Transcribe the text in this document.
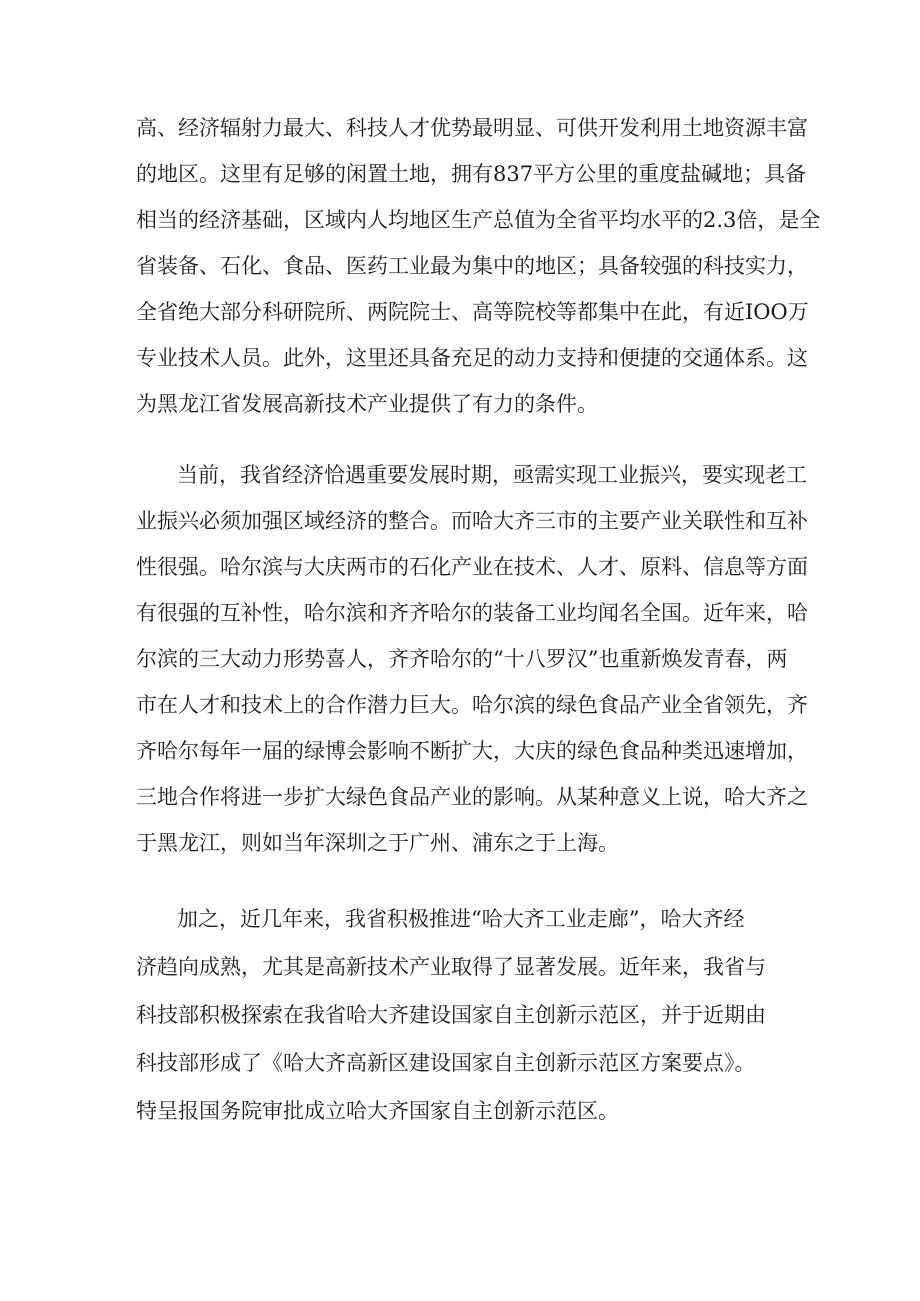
高、经济辐射力最大、科技人才优势最明显、可供开发利用土地资源丰富

的地区。这里有足够的闲置土地，拥有837平方公里的重度盐碱地；具备

相当的经济基础，区域内人均地区生产总值为全省平均水平的2.3倍，是全

省装备、石化、食品、医药工业最为集中的地区；具备较强的科技实力，

全省绝大部分科研院所、两院院士、高等院校等都集中在此，有近IOO万

专业技术人员。此外，这里还具备充足的动力支持和便捷的交通体系。这

为黑龙江省发展高新技术产业提供了有力的条件。

当前，我省经济恰遇重要发展时期，亟需实现工业振兴，要实现老工

业振兴必须加强区域经济的整合。而哈大齐三市的主要产业关联性和互补

性很强。哈尔滨与大庆两市的石化产业在技术、人才、原料、信息等方面

有很强的互补性，哈尔滨和齐齐哈尔的装备工业均闻名全国。近年来，哈

尔滨的三大动力形势喜人，齐齐哈尔的“十八罗汉”也重新焕发青春，两

市在人才和技术上的合作潜力巨大。哈尔滨的绿色食品产业全省领先，齐

齐哈尔每年一届的绿博会影响不断扩大，大庆的绿色食品种类迅速增加，

三地合作将进一步扩大绿色食品产业的影响。从某种意义上说，哈大齐之

于黑龙江，则如当年深圳之于广州、浦东之于上海。

加之，近几年来，我省积极推进“哈大齐工业走廊”，哈大齐经

济趋向成熟，尤其是高新技术产业取得了显著发展。近年来，我省与

科技部积极探索在我省哈大齐建设国家自主创新示范区，并于近期由

科技部形成了《哈大齐高新区建设国家自主创新示范区方案要点》。

特呈报国务院审批成立哈大齐国家自主创新示范区。
